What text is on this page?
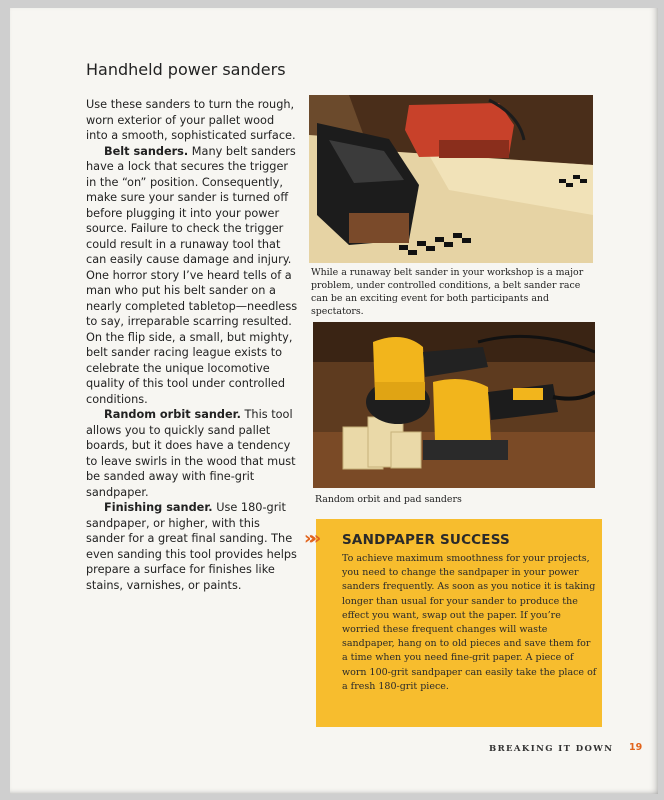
Handheld power sanders

Use these sanders to turn the rough, worn exterior of your pallet wood into a smooth, sophisticated surface.

Belt sanders. Many belt sanders have a lock that secures the trigger in the “on” position. Consequently, make sure your sander is turned off before plugging it into your power source. Failure to check the trigger could result in a runaway tool that can easily cause damage and injury. One horror story I’ve heard tells of a man who put his belt sander on a nearly completed tabletop—needless to say, irreparable scarring resulted. On the flip side, a small, but mighty, belt sander racing league exists to celebrate the unique locomotive quality of this tool under controlled conditions.

Random orbit sander. This tool allows you to quickly sand pallet boards, but it does have a tendency to leave swirls in the wood that must be sanded away with fine-grit sandpaper.

Finishing sander. Use 180-grit sandpaper, or higher, with this sander for a great final sanding. The even sanding this tool provides helps prepare a surface for finishes like stains, varnishes, or paints.

While a runaway belt sander in your workshop is a major problem, under controlled conditions, a belt sander race can be an exciting event for both participants and spectators.
Random orbit and pad sanders
»» SANDPAPER SUCCESS
To achieve maximum smoothness for your projects, you need to change the sandpaper in your power sanders frequently. As soon as you notice it is taking longer than usual for your sander to produce the effect you want, swap out the paper. If you’re worried these frequent changes will waste sandpaper, hang on to old pieces and save them for a time when you need fine-grit paper. A piece of worn 100-grit sandpaper can easily take the place of a fresh 180-grit piece.
BREAKING IT DOWN 19
